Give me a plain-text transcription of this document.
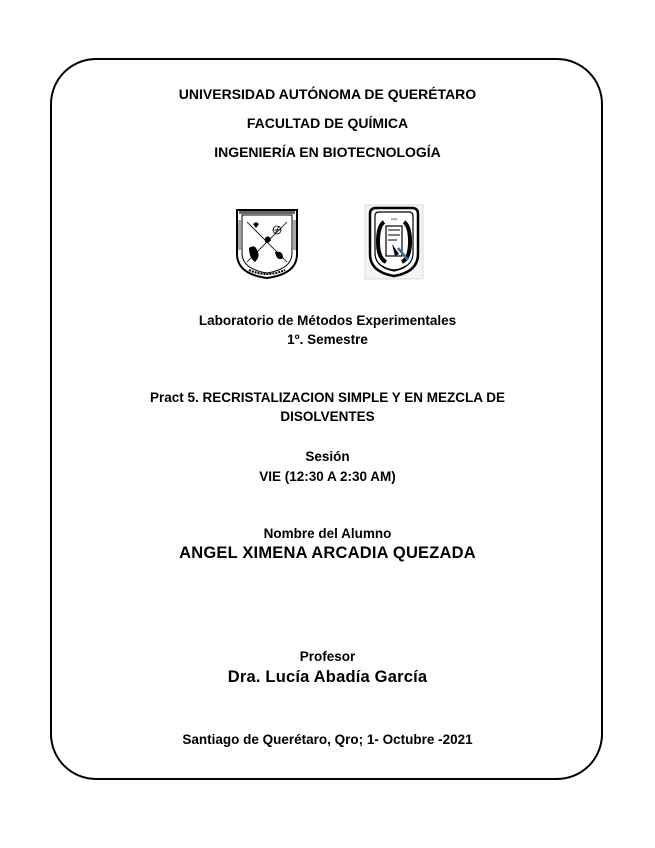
UNIVERSIDAD AUTÓNOMA DE QUERÉTARO
FACULTAD DE QUÍMICA
INGENIERÍA EN BIOTECNOLOGÍA
UAQ
Laboratorio de Métodos Experimentales
1º. Semestre
Pract 5. RECRISTALIZACION SIMPLE Y EN MEZCLA DE
DISOLVENTES
Sesión
VIE (12:30 A 2:30 AM)
Nombre del Alumno
ANGEL XIMENA ARCADIA QUEZADA
Profesor
Dra. Lucía Abadía García
Santiago de Querétaro, Qro; 1- Octubre -2021
